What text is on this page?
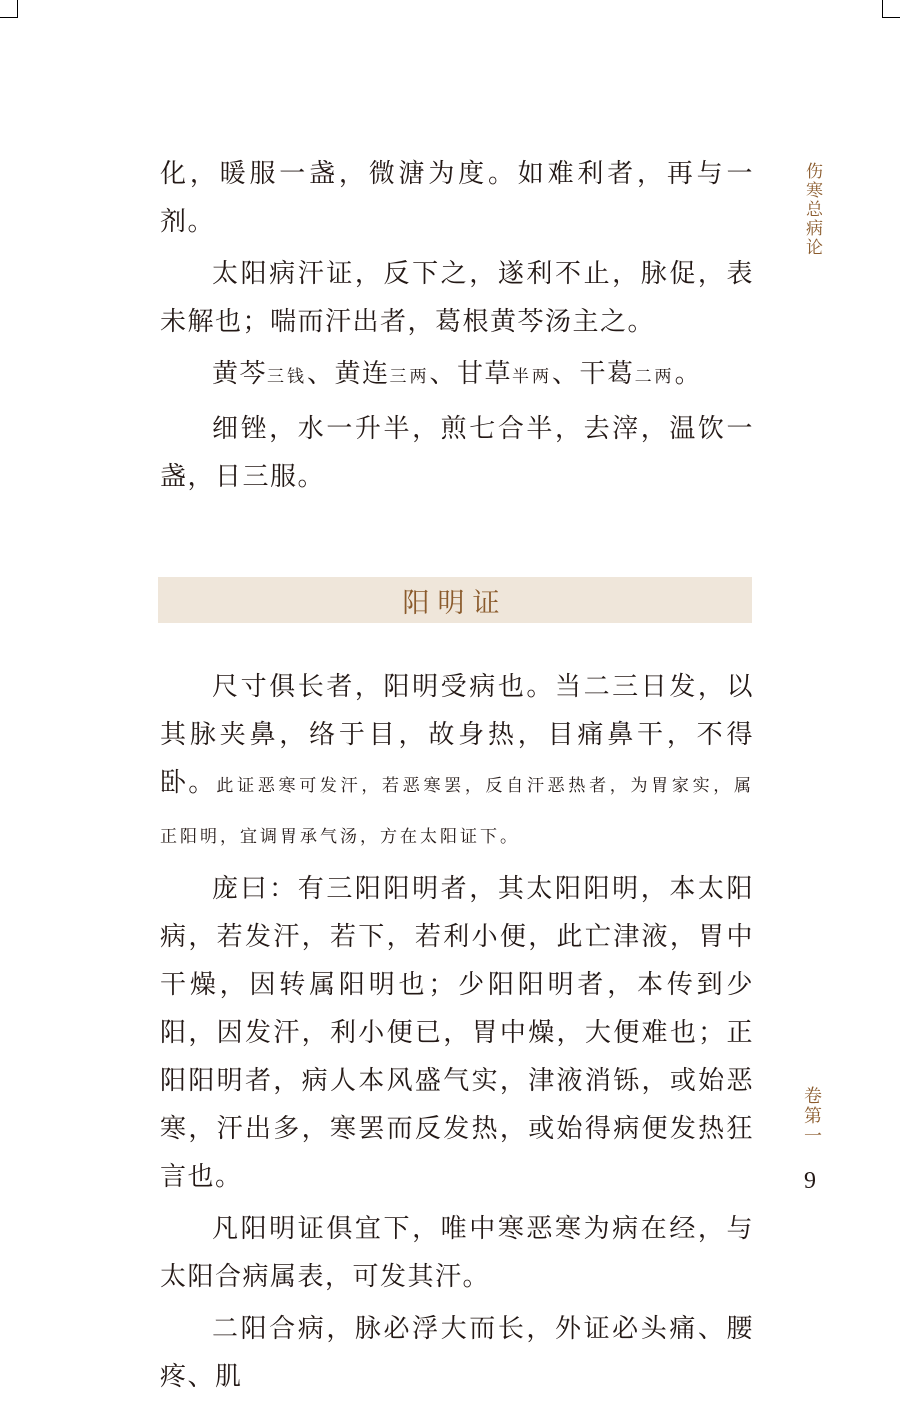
化，暖服一盏，微溏为度。如难利者，再与一剂。

太阳病汗证，反下之，遂利不止，脉促，表未解也；喘而汗出者，葛根黄芩汤主之。

黄芩三钱、黄连三两、甘草半两、干葛二两。

细锉，水一升半，煎七合半，去滓，温饮一盏，日三服。

阳明证

尺寸俱长者，阳明受病也。当二三日发，以其脉夹鼻，络于目，故身热，目痛鼻干，不得卧。此证恶寒可发汗，若恶寒罢，反自汗恶热者，为胃家实，属正阳明，宜调胃承气汤，方在太阳证下。

庞曰：有三阳阳明者，其太阳阳明，本太阳病，若发汗，若下，若利小便，此亡津液，胃中干燥，因转属阳明也；少阳阳明者，本传到少阳，因发汗，利小便已，胃中燥，大便难也；正阳阳明者，病人本风盛气实，津液消铄，或始恶寒，汗出多，寒罢而反发热，或始得病便发热狂言也。

凡阳明证俱宜下，唯中寒恶寒为病在经，与太阳合病属表，可发其汗。

二阳合病，脉必浮大而长，外证必头痛、腰疼、肌

伤寒总病论
卷第一
9
